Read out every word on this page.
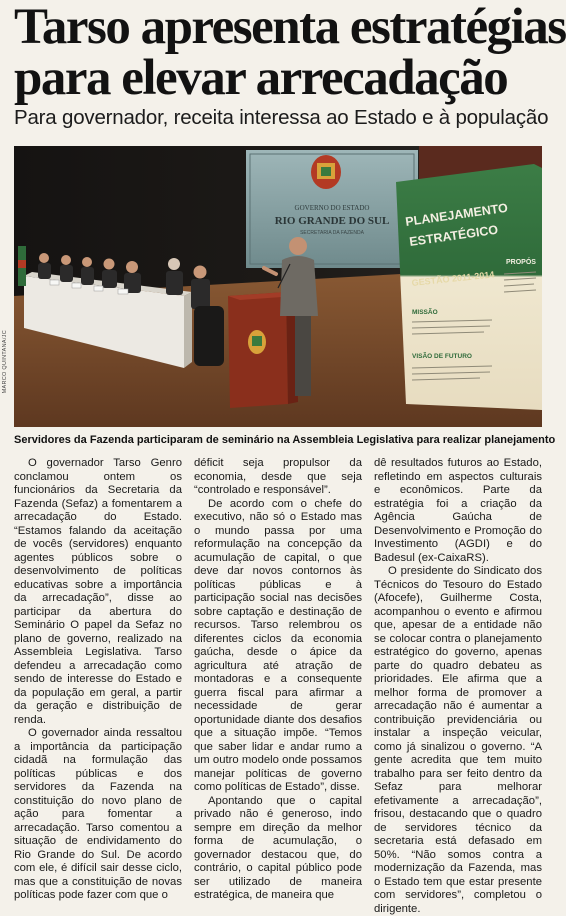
Tarso apresenta estratégias
para elevar arrecadação
Para governador, receita interessa ao Estado e à população
GOVERNO DO ESTADO
RIO GRANDE DO SUL
SECRETARIA DA FAZENDA
PLANEJAMENTO
ESTRATÉGICO
GESTÃO 2011-2014
PROPÓS
MISSÃO
VISÃO DE FUTURO
MARCO QUINTANA/JC
Servidores da Fazenda participaram de seminário na Assembleia Legislativa para realizar planejamento

O governador Tarso Genro conclamou ontem os funcionários da Secretaria da Fazenda (Sefaz) a fomentarem a arrecadação do Estado. “Estamos falando da aceitação de vocês (servidores) enquanto agentes públicos sobre o desenvolvimento de políticas educativas sobre a importância da arrecadação”, disse ao participar da abertura do Seminário O papel da Sefaz no plano de governo, realizado na Assembleia Legislativa. Tarso defendeu a arrecadação como sendo de interesse do Estado e da população em geral, a partir da geração e distribuição de renda.

O governador ainda ressaltou a importância da participação cidadã na formulação das políticas públicas e dos servidores da Fazenda na constituição do novo plano de ação para fomentar a arrecadação. Tarso comentou a situação de endividamento do Rio Grande do Sul. De acordo com ele, é difícil sair desse ciclo, mas que a constituição de novas políticas pode fazer com que o

déficit seja propulsor da economia, desde que seja “controlado e responsável”.

De acordo com o chefe do executivo, não só o Estado mas o mundo passa por uma reformulação na concepção da acumulação de capital, o que deve dar novos contornos às políticas públicas e à participação social nas decisões sobre captação e destinação de recursos. Tarso relembrou os diferentes ciclos da economia gaúcha, desde o ápice da agricultura até atração de montadoras e a consequente guerra fiscal para afirmar a necessidade de gerar oportunidade diante dos desafios que a situação impõe. “Temos que saber lidar e andar rumo a um outro modelo onde possamos manejar políticas de governo como políticas de Estado”, disse.

Apontando que o capital privado não é generoso, indo sempre em direção da melhor forma de acumulação, o governador destacou que, do contrário, o capital público pode ser utilizado de maneira estratégica, de maneira que

dê resultados futuros ao Estado, refletindo em aspectos culturais e econômicos. Parte da estratégia foi a criação da Agência Gaúcha de Desenvolvimento e Promoção do Investimento (AGDI) e do Badesul (ex-CaixaRS).

O presidente do Sindicato dos Técnicos do Tesouro do Estado (Afocefe), Guilherme Costa, acompanhou o evento e afirmou que, apesar de a entidade não se colocar contra o planejamento estratégico do governo, apenas parte do quadro debateu as prioridades. Ele afirma que a melhor forma de promover a arrecadação não é aumentar a contribuição previdenciária ou instalar a inspeção veicular, como já sinalizou o governo. “A gente acredita que tem muito trabalho para ser feito dentro da Sefaz para melhorar efetivamente a arrecadação”, frisou, destacando que o quadro de servidores técnico da secretaria está defasado em 50%. “Não somos contra a modernização da Fazenda, mas o Estado tem que estar presente com servidores”, completou o dirigente.
